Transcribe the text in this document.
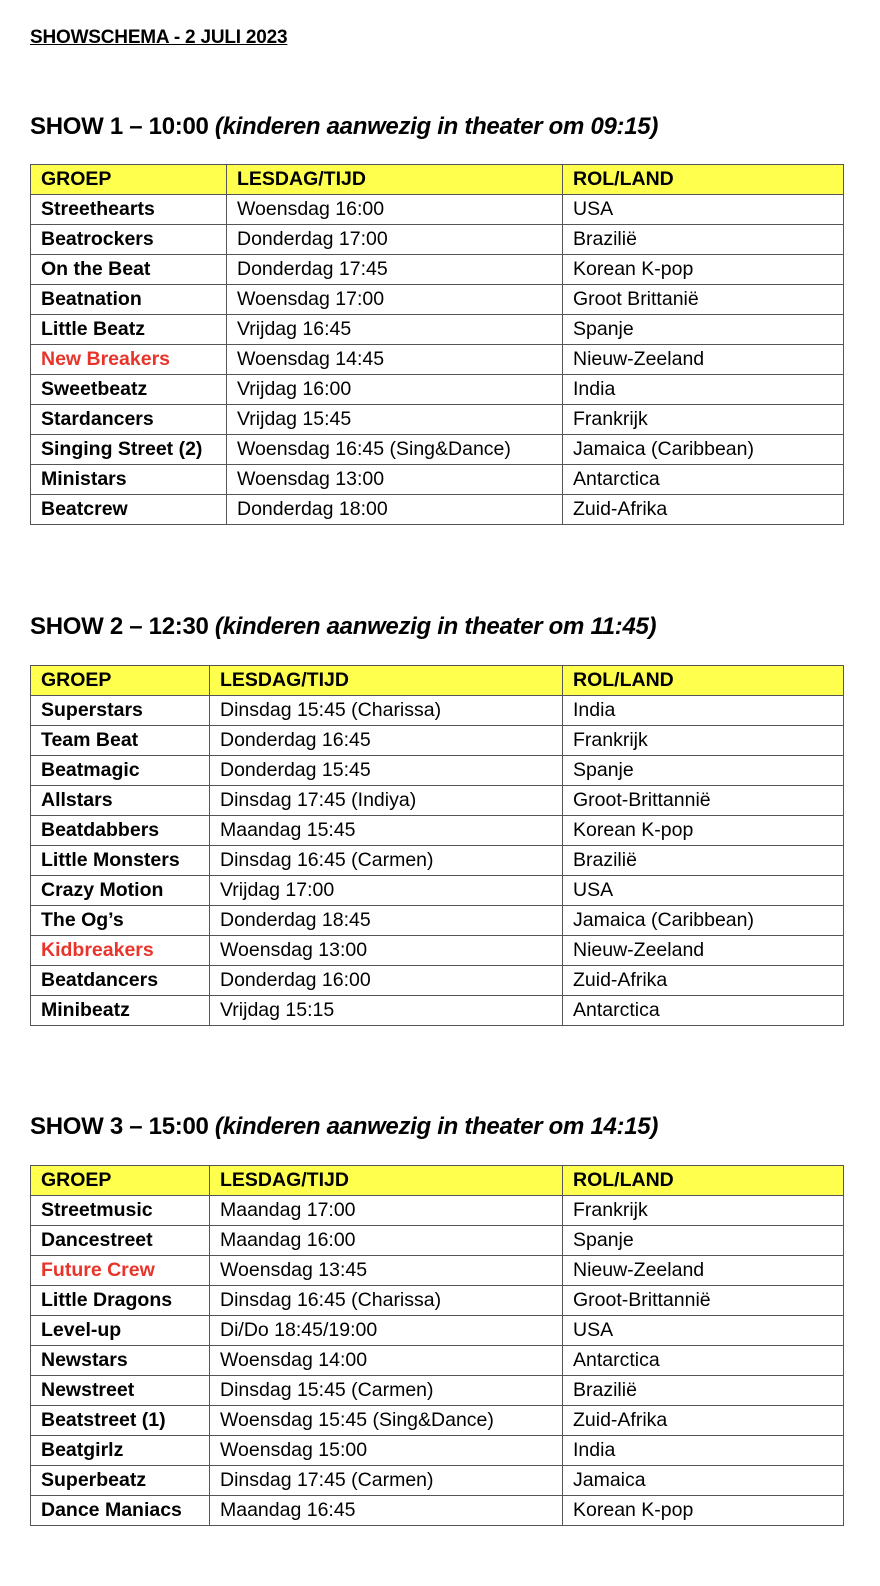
SHOWSCHEMA - 2 JULI 2023
SHOW 1 – 10:00 (kinderen aanwezig in theater om 09:15)
GROEP	LESDAG/TIJD	ROL/LAND
Streethearts	Woensdag 16:00	USA
Beatrockers	Donderdag 17:00	Brazilië
On the Beat	Donderdag 17:45	Korean K-pop
Beatnation	Woensdag 17:00	Groot Brittanië
Little Beatz	Vrijdag 16:45	Spanje
New Breakers	Woensdag 14:45	Nieuw-Zeeland
Sweetbeatz	Vrijdag 16:00	India
Stardancers	Vrijdag 15:45	Frankrijk
Singing Street (2)	Woensdag 16:45 (Sing&Dance)	Jamaica (Caribbean)
Ministars	Woensdag 13:00	Antarctica
Beatcrew	Donderdag 18:00	Zuid-Afrika
SHOW 2 – 12:30 (kinderen aanwezig in theater om 11:45)
GROEP	LESDAG/TIJD	ROL/LAND
Superstars	Dinsdag 15:45 (Charissa)	India
Team Beat	Donderdag 16:45	Frankrijk
Beatmagic	Donderdag 15:45	Spanje
Allstars	Dinsdag 17:45 (Indiya)	Groot-Brittannië
Beatdabbers	Maandag 15:45	Korean K-pop
Little Monsters	Dinsdag 16:45 (Carmen)	Brazilië
Crazy Motion	Vrijdag 17:00	USA
The Og’s	Donderdag 18:45	Jamaica (Caribbean)
Kidbreakers	Woensdag 13:00	Nieuw-Zeeland
Beatdancers	Donderdag 16:00	Zuid-Afrika
Minibeatz	Vrijdag 15:15	Antarctica
SHOW 3 – 15:00 (kinderen aanwezig in theater om 14:15)
GROEP	LESDAG/TIJD	ROL/LAND
Streetmusic	Maandag 17:00	Frankrijk
Dancestreet	Maandag 16:00	Spanje
Future Crew	Woensdag 13:45	Nieuw-Zeeland
Little Dragons	Dinsdag 16:45 (Charissa)	Groot-Brittannië
Level-up	Di/Do 18:45/19:00	USA
Newstars	Woensdag 14:00	Antarctica
Newstreet	Dinsdag 15:45 (Carmen)	Brazilië
Beatstreet (1)	Woensdag 15:45 (Sing&Dance)	Zuid-Afrika
Beatgirlz	Woensdag 15:00	India
Superbeatz	Dinsdag 17:45 (Carmen)	Jamaica
Dance Maniacs	Maandag 16:45	Korean K-pop
